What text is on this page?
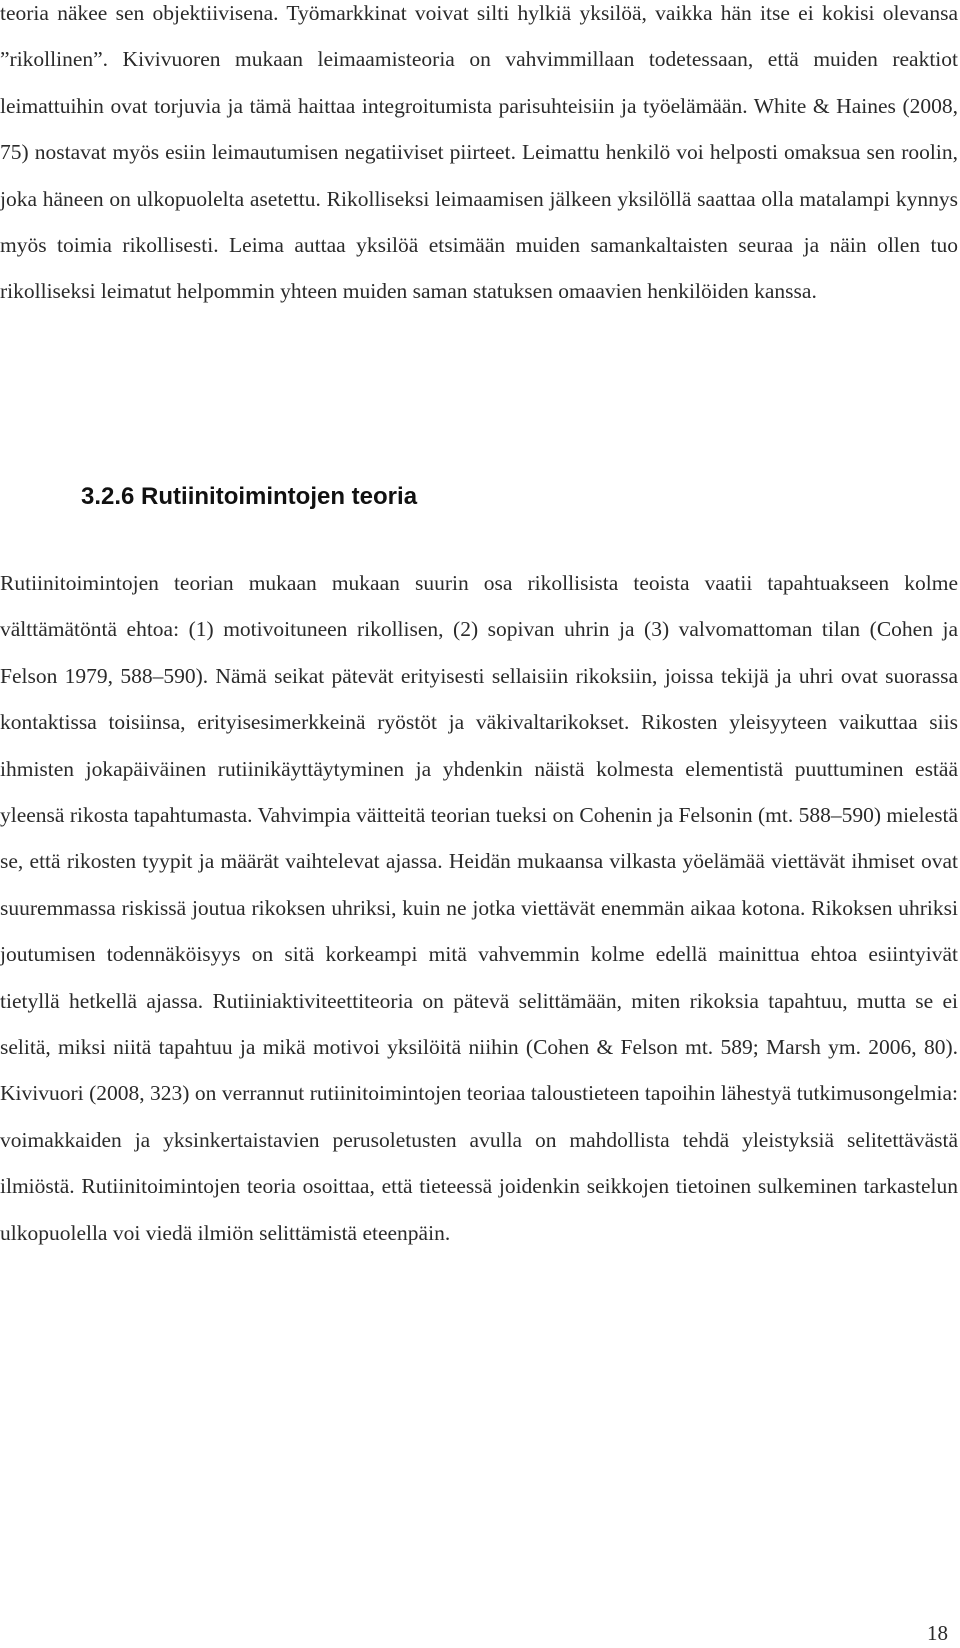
teoria näkee sen objektiivisena. Työmarkkinat voivat silti hylkiä yksilöä, vaikka hän itse ei kokisi olevansa ”rikollinen”. Kivivuoren mukaan leimaamisteoria on vahvimmillaan todetessaan, että muiden reaktiot leimattuihin ovat torjuvia ja tämä haittaa integroitumista parisuhteisiin ja työelämään. White & Haines (2008, 75) nostavat myös esiin leimautumisen negatiiviset piirteet. Leimattu henkilö voi helposti omaksua sen roolin, joka häneen on ulkopuolelta asetettu. Rikolliseksi leimaamisen jälkeen yksilöllä saattaa olla matalampi kynnys myös toimia rikollisesti. Leima auttaa yksilöä etsimään muiden samankaltaisten seuraa ja näin ollen tuo rikolliseksi leimatut helpommin yhteen muiden saman statuksen omaavien henkilöiden kanssa.

3.2.6 Rutiinitoimintojen teoria

Rutiinitoimintojen teorian mukaan mukaan suurin osa rikollisista teoista vaatii tapahtuakseen kolme välttämätöntä ehtoa: (1) motivoituneen rikollisen, (2) sopivan uhrin ja (3) valvomattoman tilan (Cohen ja Felson 1979, 588–590). Nämä seikat pätevät erityisesti sellaisiin rikoksiin, joissa tekijä ja uhri ovat suorassa kontaktissa toisiinsa, erityisesimerkkeinä ryöstöt ja väkivaltarikokset. Rikosten yleisyyteen vaikuttaa siis ihmisten jokapäiväinen rutiinikäyttäytyminen ja yhdenkin näistä kolmesta elementistä puuttuminen estää yleensä rikosta tapahtumasta. Vahvimpia väitteitä teorian tueksi on Cohenin ja Felsonin (mt. 588–590) mielestä se, että rikosten tyypit ja määrät vaihtelevat ajassa. Heidän mukaansa vilkasta yöelämää viettävät ihmiset ovat suuremmassa riskissä joutua rikoksen uhriksi, kuin ne jotka viettävät enemmän aikaa kotona. Rikoksen uhriksi joutumisen todennäköisyys on sitä korkeampi mitä vahvemmin kolme edellä mainittua ehtoa esiintyivät tietyllä hetkellä ajassa. Rutiiniaktiviteettiteoria on pätevä selittämään, miten rikoksia tapahtuu, mutta se ei selitä, miksi niitä tapahtuu ja mikä motivoi yksilöitä niihin (Cohen & Felson mt. 589; Marsh ym. 2006, 80). Kivivuori (2008, 323) on verrannut rutiinitoimintojen teoriaa taloustieteen tapoihin lähestyä tutkimusongelmia: voimakkaiden ja yksinkertaistavien perusoletusten avulla on mahdollista tehdä yleistyksiä selitettävästä ilmiöstä. Rutiinitoimintojen teoria osoittaa, että tieteessä joidenkin seikkojen tietoinen sulkeminen tarkastelun ulkopuolella voi viedä ilmiön selittämistä eteenpäin.

18
